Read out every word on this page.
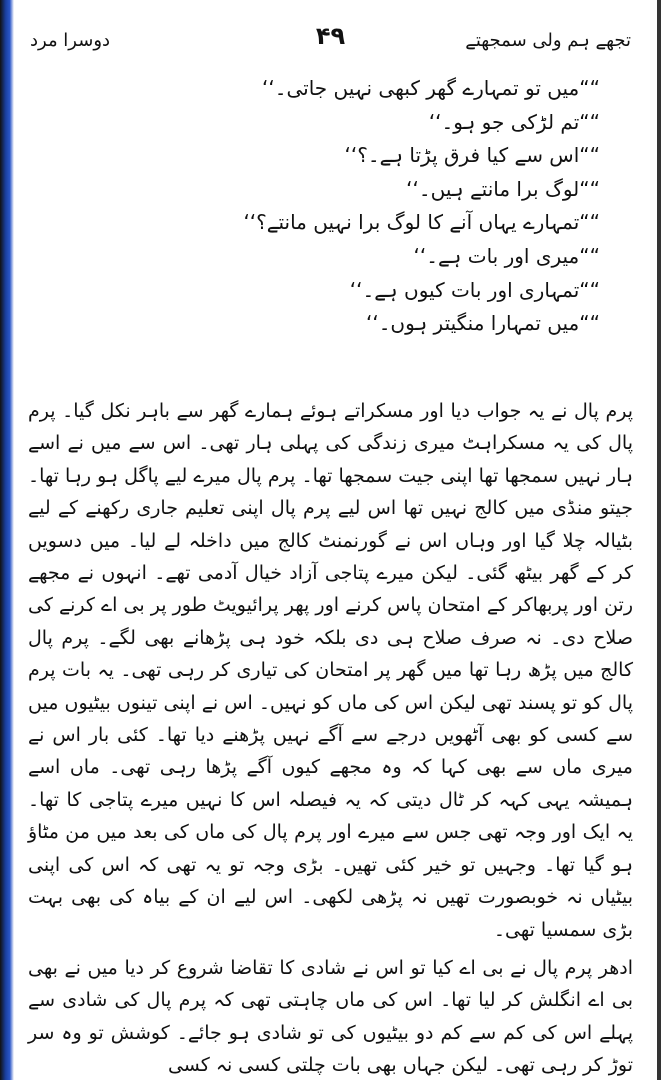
دوسرا مرد	۴۹	تجھے ہم ولی سمجھتے
““میں تو تمہارے گھر کبھی نہیں جاتی۔‘‘
““تم لڑکی جو ہو۔‘‘
““اس سے کیا فرق پڑتا ہے۔؟‘‘
““لوگ برا مانتے ہیں۔‘‘
““تمہارے یہاں آنے کا لوگ برا نہیں مانتے؟‘‘
““میری اور بات ہے۔‘‘
““تمہاری اور بات کیوں ہے۔‘‘
““میں تمہارا منگیتر ہوں۔‘‘

پرم پال نے یہ جواب دیا اور مسکراتے ہوئے ہمارے گھر سے باہر نکل گیا۔ پرم پال کی یہ مسکراہٹ میری زندگی کی پہلی ہار تھی۔ اس سے میں نے اسے ہار نہیں سمجھا تھا اپنی جیت سمجھا تھا۔ پرم پال میرے لیے پاگل ہو رہا تھا۔ جیتو منڈی میں کالج نہیں تھا اس لیے پرم پال اپنی تعلیم جاری رکھنے کے لیے بٹیالہ چلا گیا اور وہاں اس نے گورنمنٹ کالج میں داخلہ لے لیا۔ میں دسویں کر کے گھر بیٹھ گئی۔ لیکن میرے پتاجی آزاد خیال آدمی تھے۔ انہوں نے مجھے رتن اور پربھاکر کے امتحان پاس کرنے اور پھر پرائیویٹ طور پر بی اے کرنے کی صلاح دی۔ نہ صرف صلاح ہی دی بلکہ خود ہی پڑھانے بھی لگے۔ پرم پال کالج میں پڑھ رہا تھا میں گھر پر امتحان کی تیاری کر رہی تھی۔ یہ بات پرم پال کو تو پسند تھی لیکن اس کی ماں کو نہیں۔ اس نے اپنی تینوں بیٹیوں میں سے کسی کو بھی آٹھویں درجے سے آگے نہیں پڑھنے دیا تھا۔ کئی بار اس نے میری ماں سے بھی کہا کہ وہ مجھے کیوں آگے پڑھا رہی تھی۔ ماں اسے ہمیشہ یہی کہہ کر ٹال دیتی کہ یہ فیصلہ اس کا نہیں میرے پتاجی کا تھا۔ یہ ایک اور وجہ تھی جس سے میرے اور پرم پال کی ماں کی بعد میں من مٹاؤ ہو گیا تھا۔ وجہیں تو خیر کئی تھیں۔ بڑی وجہ تو یہ تھی کہ اس کی اپنی بیٹیاں نہ خوبصورت تھیں نہ پڑھی لکھی۔ اس لیے ان کے بیاہ کی بھی بہت بڑی سمسیا تھی۔

ادھر پرم پال نے بی اے کیا تو اس نے شادی کا تقاضا شروع کر دیا میں نے بھی بی اے انگلش کر لیا تھا۔ اس کی ماں چاہتی تھی کہ پرم پال کی شادی سے پہلے اس کی کم سے کم دو بیٹیوں کی تو شادی ہو جائے۔ کوشش تو وہ سر توڑ کر رہی تھی۔ لیکن جہاں بھی بات چلتی کسی نہ کسی
